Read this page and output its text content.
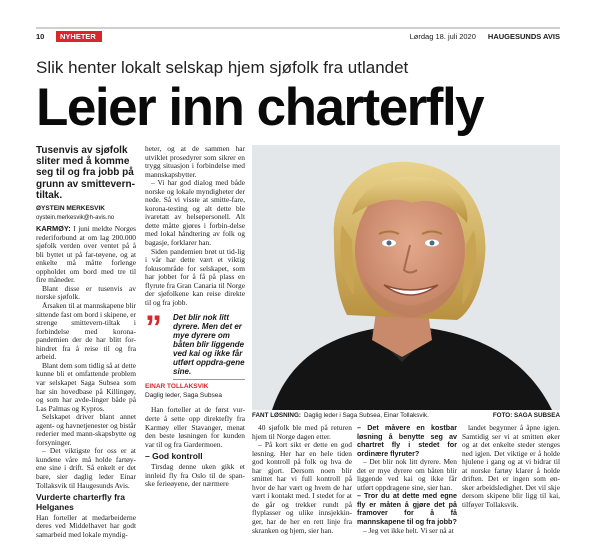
10	NYHETER	Lørdag 18. juli 2020 HAUGESUNDS AVIS
Slik henter lokalt selskap hjem sjøfolk fra utlandet
Leier inn charterfly
Tusenvis av sjøfolk sliter med å komme seg til og fra jobb på grunn av smittevern-tiltak.
ØYSTEIN MERKESVIK
oystein.merkesvik@h-avis.no

KARMØY: I juni meldte Norges rederiforbund at om lag 200.000 sjøfolk verden over ventet på å bli byttet ut på far-tøyene, og at enkelte må måtte forlenge oppholdet om bord med tre til fire måneder.

Blant disse er tusenvis av norske sjøfolk.

Årsaken til at mannskapene blir sittende fast om bord i skipene, er strenge smittevern-tiltak i forbindelse med korona-pandemien der de har blitt for-hindret fra å reise til og fra arbeid.

Blant dem som tidlig så at dette kunne bli et omfattende problem var selskapet Saga Subsea som har sin hovedbase på Killingøy, og som har avde-linger både på Las Palmas og Kypros.

Selskapet driver blant annet agent- og havnetjenester og bistår rederier med mann-skapsbytte og forsyninger.

– Det viktigste for oss er at kundene våre må holde fartøy-ene sine i drift. Så enkelt er det bare, sier daglig leder Einar Tollaksvik til Haugesunds Avis.

Vurderte charterfly fra Helganes

Han forteller at medarbeiderne deres ved Middelhavet har godt samarbeid med lokale myndig-

heter, og at de sammen har utviklet prosedyrer som sikrer en trygg situasjon i forbindelse med mannskapsbytter.

– Vi har god dialog med både norske og lokale myndigheter der nede. Så vi visste at smitte-fare, korona-testing og alt dette ble ivaretatt av helsepersonell. Alt dette måtte gjøres i forbin-delse med lokal håndtering av folk og bagasje, forklarer han.

Siden pandemien brøt ut tid-lig i vår har dette vært et viktig fokusområde for selskapet, som har jobbet for å få på plass en flyrute fra Gran Canaria til Norge der sjøfolkene kan reise direkte til og fra jobb.

” Det blir nok litt dyrere. Men det er mye dyrere om båten blir liggende ved kai og ikke får utført oppdra-gene sine.
EINAR TOLLAKSVIK
Daglig leder, Saga Subsea

Han forteller at de først vur-derte å sette opp direktefly fra Karmøy eller Stavanger, menat den beste løsningen for kunden var til og fra Gardermoen.

– God kontroll

Tirsdag denne uken gikk et innleid fly fra Oslo til de span-ske ferieøyene, der nærmere

FANT LØSNING: Daglig leder i Saga Subsea, Einar Tollaksvik.	FOTO: SAGA SUBSEA

40 sjøfolk ble med på returen hjem til Norge dagen etter.

– På kort sikt er dette en god løsning. Her har en hele tiden god kontroll på folk og hva de har gjort. Dersom noen blir smittet har vi full kontroll på hvor de har vært og hvem de har vært i kontakt med. I stedet for at de går og trekker rundt på flyplasser og ulike innsjekkin-ger, har de her en rett linje fra skranken og hjem, sier han.

– Det måvere en kostbar løsning å benytte seg av chartret fly i stedet for ordinære flyruter?

– Det blir nok litt dyrere. Men det er mye dyrere om båten blir liggende ved kai og ikke får utført oppdragene sine, sier han.

– Tror du at dette med egne fly er måten å gjøre det på framover for å få mannskapene til og fra jobb?

– Jeg vet ikke helt. Vi ser nå at

landet begynner å åpne igjen. Samtidig ser vi at smitten øker og at det enkelte steder stenges ned igjen. Det viktige er å holde hjulene i gang og at vi bidrar til at norske fartøy klarer å holde driften. Det er ingen som øn-sker arbeidsledighet. Det vil skje dersom skipene blir ligg til kai, tilføyer Tollaksvik.
